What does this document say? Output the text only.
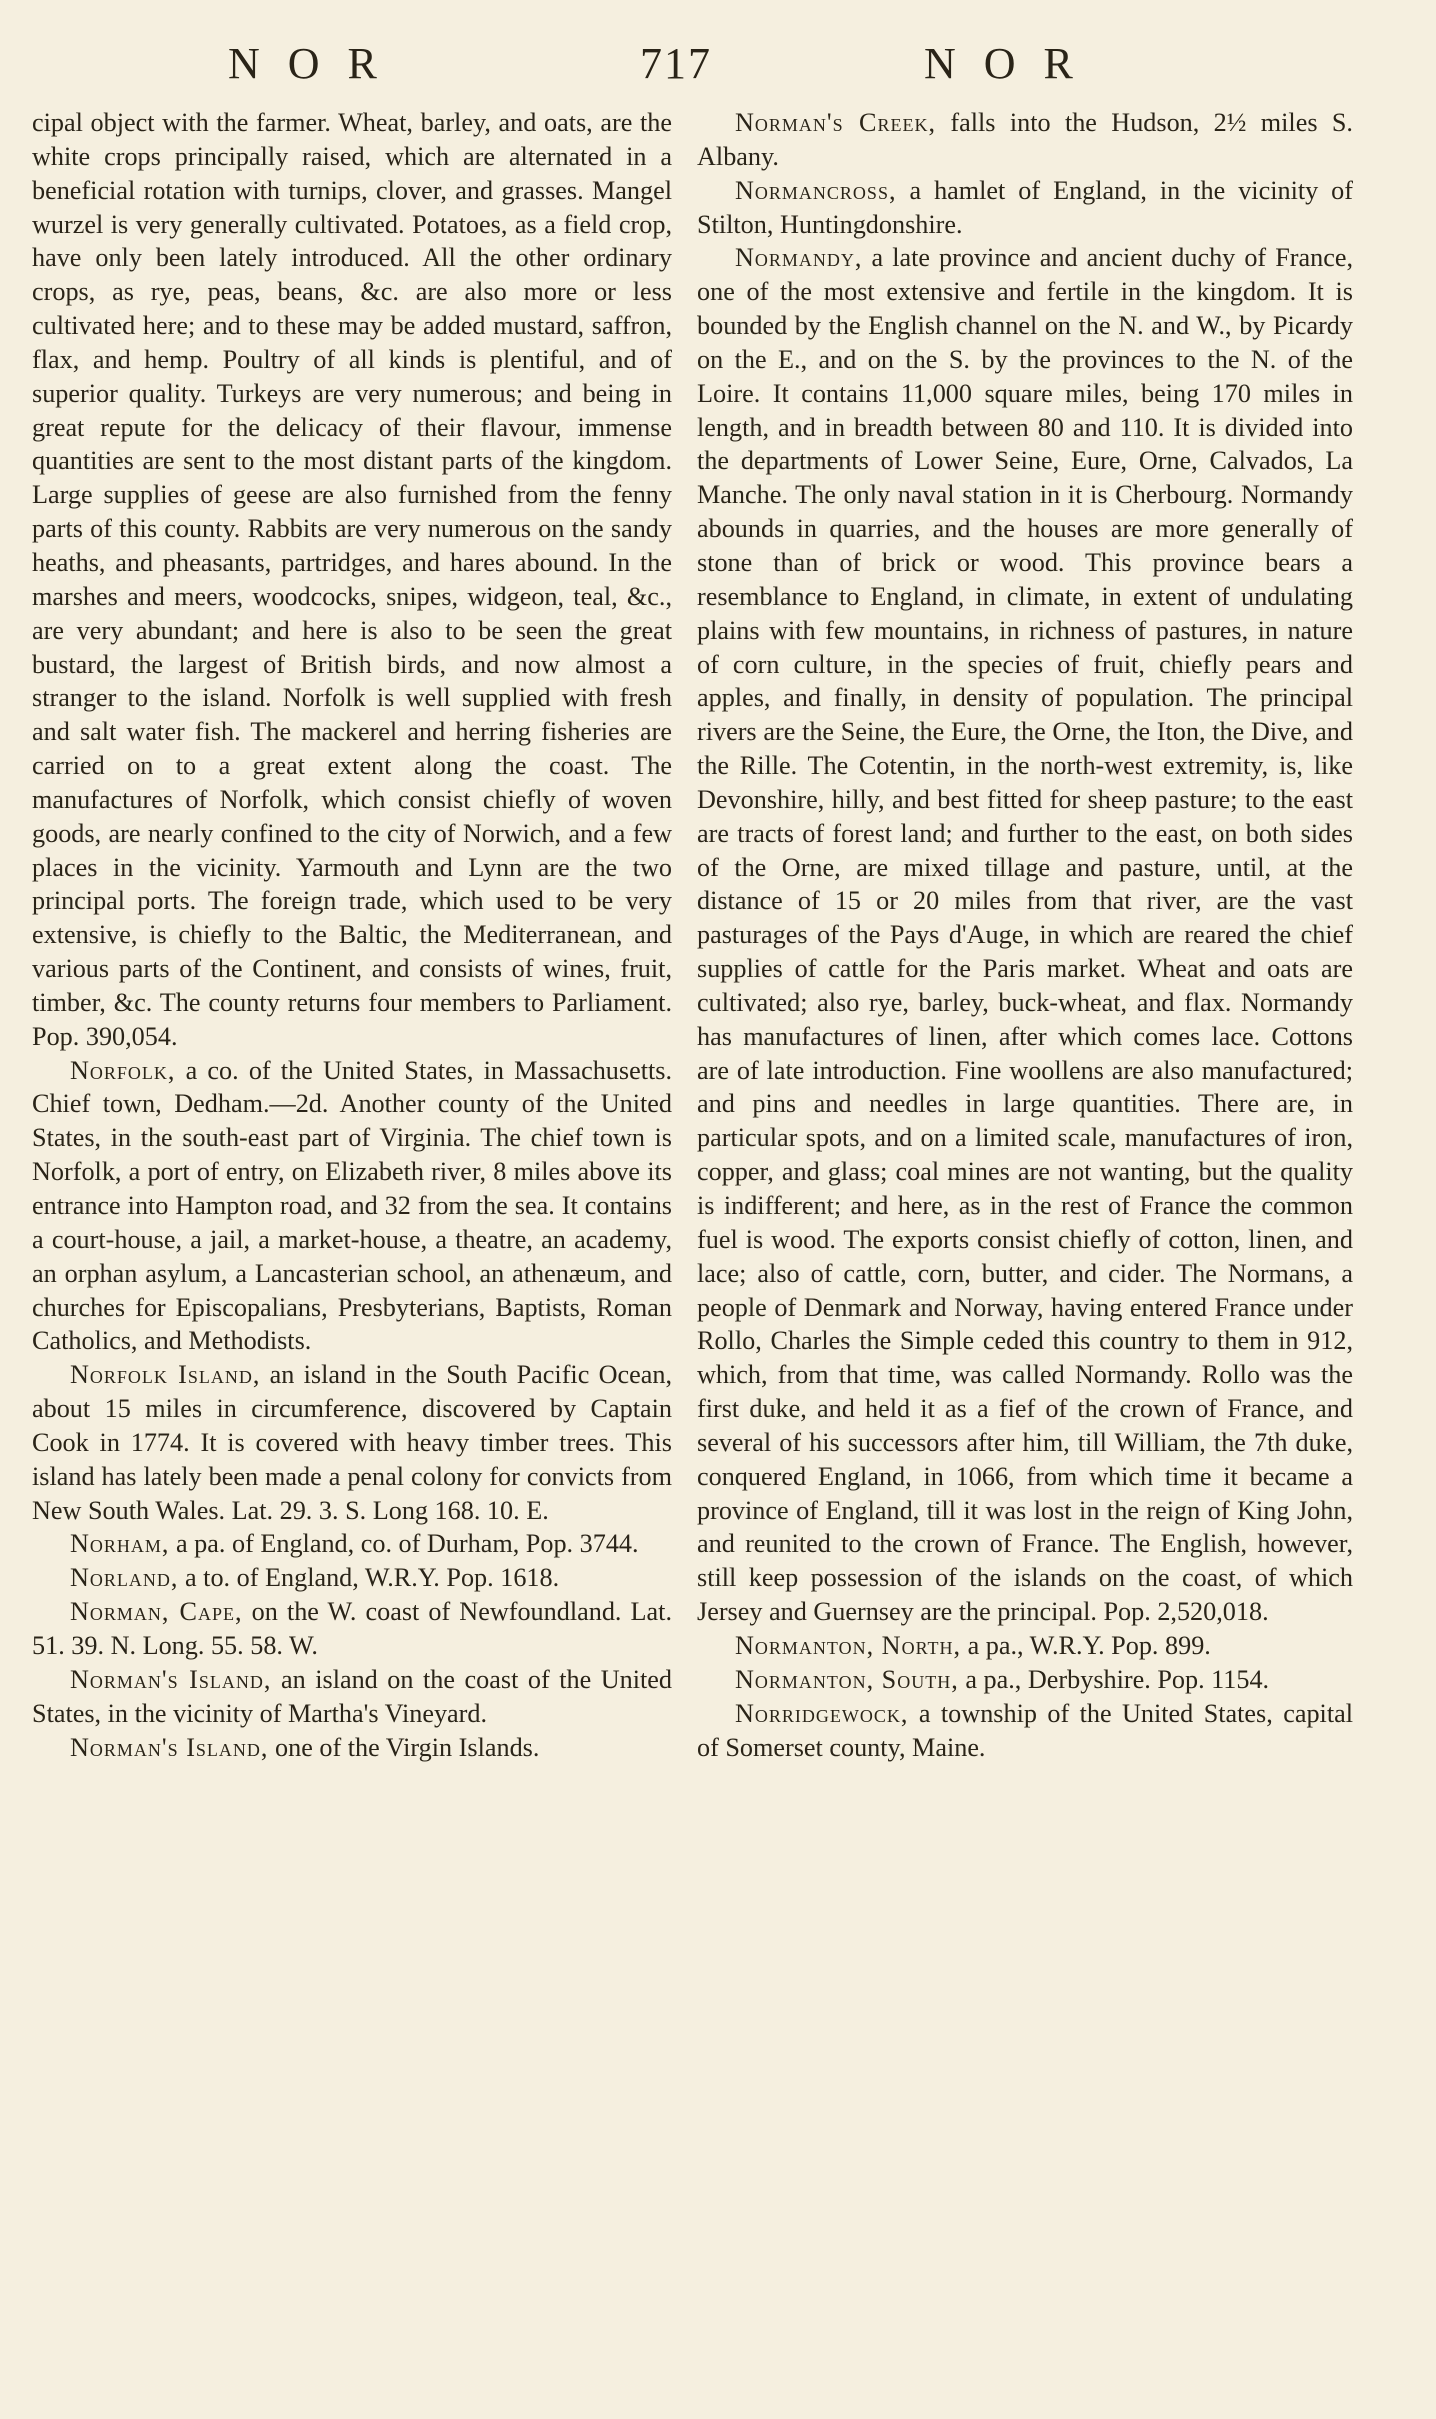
NOR	717	NOR

cipal object with the farmer. Wheat, barley, and oats, are the white crops principally raised, which are alternated in a beneficial rotation with turnips, clover, and grasses. Mangel wurzel is very generally cultivated. Potatoes, as a field crop, have only been lately introduced. All the other ordinary crops, as rye, peas, beans, &c. are also more or less cultivated here; and to these may be added mustard, saffron, flax, and hemp. Poultry of all kinds is plentiful, and of superior quality. Turkeys are very numerous; and being in great repute for the delicacy of their flavour, immense quantities are sent to the most distant parts of the kingdom. Large supplies of geese are also furnished from the fenny parts of this county. Rabbits are very numerous on the sandy heaths, and pheasants, partridges, and hares abound. In the marshes and meers, woodcocks, snipes, widgeon, teal, &c., are very abundant; and here is also to be seen the great bustard, the largest of British birds, and now almost a stranger to the island. Norfolk is well supplied with fresh and salt water fish. The mackerel and herring fisheries are carried on to a great extent along the coast. The manufactures of Norfolk, which consist chiefly of woven goods, are nearly confined to the city of Norwich, and a few places in the vicinity. Yarmouth and Lynn are the two principal ports. The foreign trade, which used to be very extensive, is chiefly to the Baltic, the Mediterranean, and various parts of the Continent, and consists of wines, fruit, timber, &c. The county returns four members to Parliament. Pop. 390,054.

Norfolk, a co. of the United States, in Massachusetts. Chief town, Dedham.—2d. Another county of the United States, in the south-east part of Virginia. The chief town is Norfolk, a port of entry, on Elizabeth river, 8 miles above its entrance into Hampton road, and 32 from the sea. It contains a court-house, a jail, a market-house, a theatre, an academy, an orphan asylum, a Lancasterian school, an athenæum, and churches for Episcopalians, Presbyterians, Baptists, Roman Catholics, and Methodists.

Norfolk Island, an island in the South Pacific Ocean, about 15 miles in circumference, discovered by Captain Cook in 1774. It is covered with heavy timber trees. This island has lately been made a penal colony for convicts from New South Wales. Lat. 29. 3. S. Long 168. 10. E.

Norham, a pa. of England, co. of Durham, Pop. 3744.

Norland, a to. of England, W.R.Y. Pop. 1618.

Norman, Cape, on the W. coast of Newfoundland. Lat. 51. 39. N. Long. 55. 58. W.

Norman's Island, an island on the coast of the United States, in the vicinity of Martha's Vineyard.

Norman's Island, one of the Virgin Islands.

Norman's Creek, falls into the Hudson, 2½ miles S. Albany.

Normancross, a hamlet of England, in the vicinity of Stilton, Huntingdonshire.

Normandy, a late province and ancient duchy of France, one of the most extensive and fertile in the kingdom. It is bounded by the English channel on the N. and W., by Picardy on the E., and on the S. by the provinces to the N. of the Loire. It contains 11,000 square miles, being 170 miles in length, and in breadth between 80 and 110. It is divided into the departments of Lower Seine, Eure, Orne, Calvados, La Manche. The only naval station in it is Cherbourg. Normandy abounds in quarries, and the houses are more generally of stone than of brick or wood. This province bears a resemblance to England, in climate, in extent of undulating plains with few mountains, in richness of pastures, in nature of corn culture, in the species of fruit, chiefly pears and apples, and finally, in density of population. The principal rivers are the Seine, the Eure, the Orne, the Iton, the Dive, and the Rille. The Cotentin, in the north-west extremity, is, like Devonshire, hilly, and best fitted for sheep pasture; to the east are tracts of forest land; and further to the east, on both sides of the Orne, are mixed tillage and pasture, until, at the distance of 15 or 20 miles from that river, are the vast pasturages of the Pays d'Auge, in which are reared the chief supplies of cattle for the Paris market. Wheat and oats are cultivated; also rye, barley, buck-wheat, and flax. Normandy has manufactures of linen, after which comes lace. Cottons are of late introduction. Fine woollens are also manufactured; and pins and needles in large quantities. There are, in particular spots, and on a limited scale, manufactures of iron, copper, and glass; coal mines are not wanting, but the quality is indifferent; and here, as in the rest of France the common fuel is wood. The exports consist chiefly of cotton, linen, and lace; also of cattle, corn, butter, and cider. The Normans, a people of Denmark and Norway, having entered France under Rollo, Charles the Simple ceded this country to them in 912, which, from that time, was called Normandy. Rollo was the first duke, and held it as a fief of the crown of France, and several of his successors after him, till William, the 7th duke, conquered England, in 1066, from which time it became a province of England, till it was lost in the reign of King John, and reunited to the crown of France. The English, however, still keep possession of the islands on the coast, of which Jersey and Guernsey are the principal. Pop. 2,520,018.

Normanton, North, a pa., W.R.Y. Pop. 899.

Normanton, South, a pa., Derbyshire. Pop. 1154.

Norridgewock, a township of the United States, capital of Somerset county, Maine.
